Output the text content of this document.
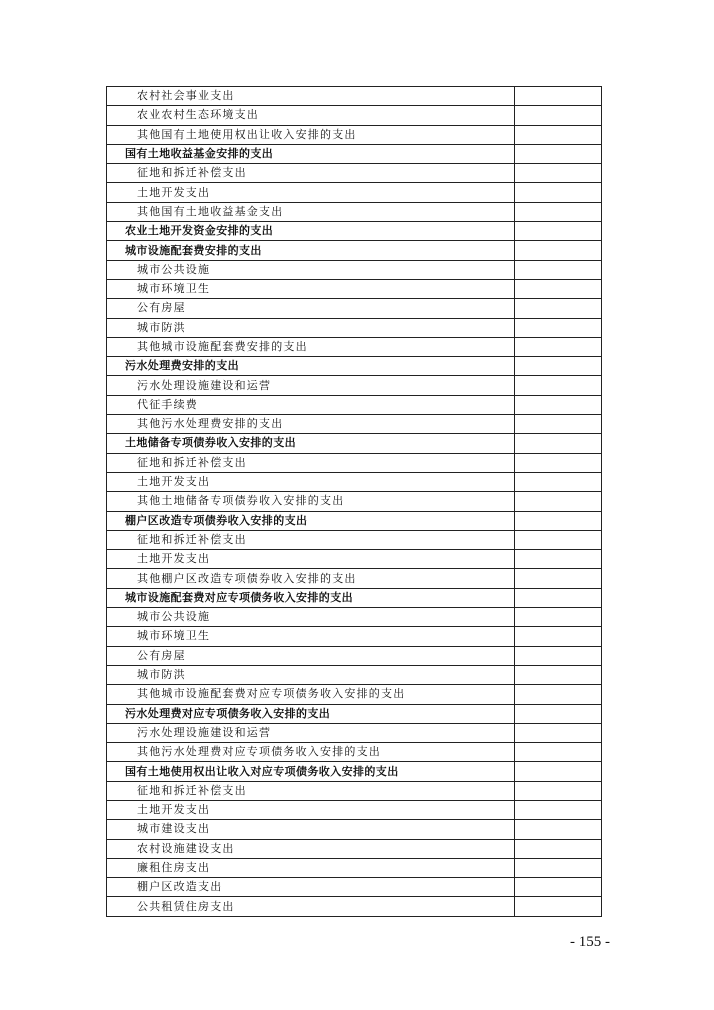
农村社会事业支出	
农业农村生态环境支出	
其他国有土地使用权出让收入安排的支出	
国有土地收益基金安排的支出	
征地和拆迁补偿支出	
土地开发支出	
其他国有土地收益基金支出	
农业土地开发资金安排的支出	
城市设施配套费安排的支出	
城市公共设施	
城市环境卫生	
公有房屋	
城市防洪	
其他城市设施配套费安排的支出	
污水处理费安排的支出	
污水处理设施建设和运营	
代征手续费	
其他污水处理费安排的支出	
土地储备专项债券收入安排的支出	
征地和拆迁补偿支出	
土地开发支出	
其他土地储备专项债券收入安排的支出	
棚户区改造专项债券收入安排的支出	
征地和拆迁补偿支出	
土地开发支出	
其他棚户区改造专项债券收入安排的支出	
城市设施配套费对应专项债务收入安排的支出	
城市公共设施	
城市环境卫生	
公有房屋	
城市防洪	
其他城市设施配套费对应专项债务收入安排的支出	
污水处理费对应专项债务收入安排的支出	
污水处理设施建设和运营	
其他污水处理费对应专项债务收入安排的支出	
国有土地使用权出让收入对应专项债务收入安排的支出	
征地和拆迁补偿支出	
土地开发支出	
城市建设支出	
农村设施建设支出	
廉租住房支出	
棚户区改造支出	
公共租赁住房支出	
- 155 -
